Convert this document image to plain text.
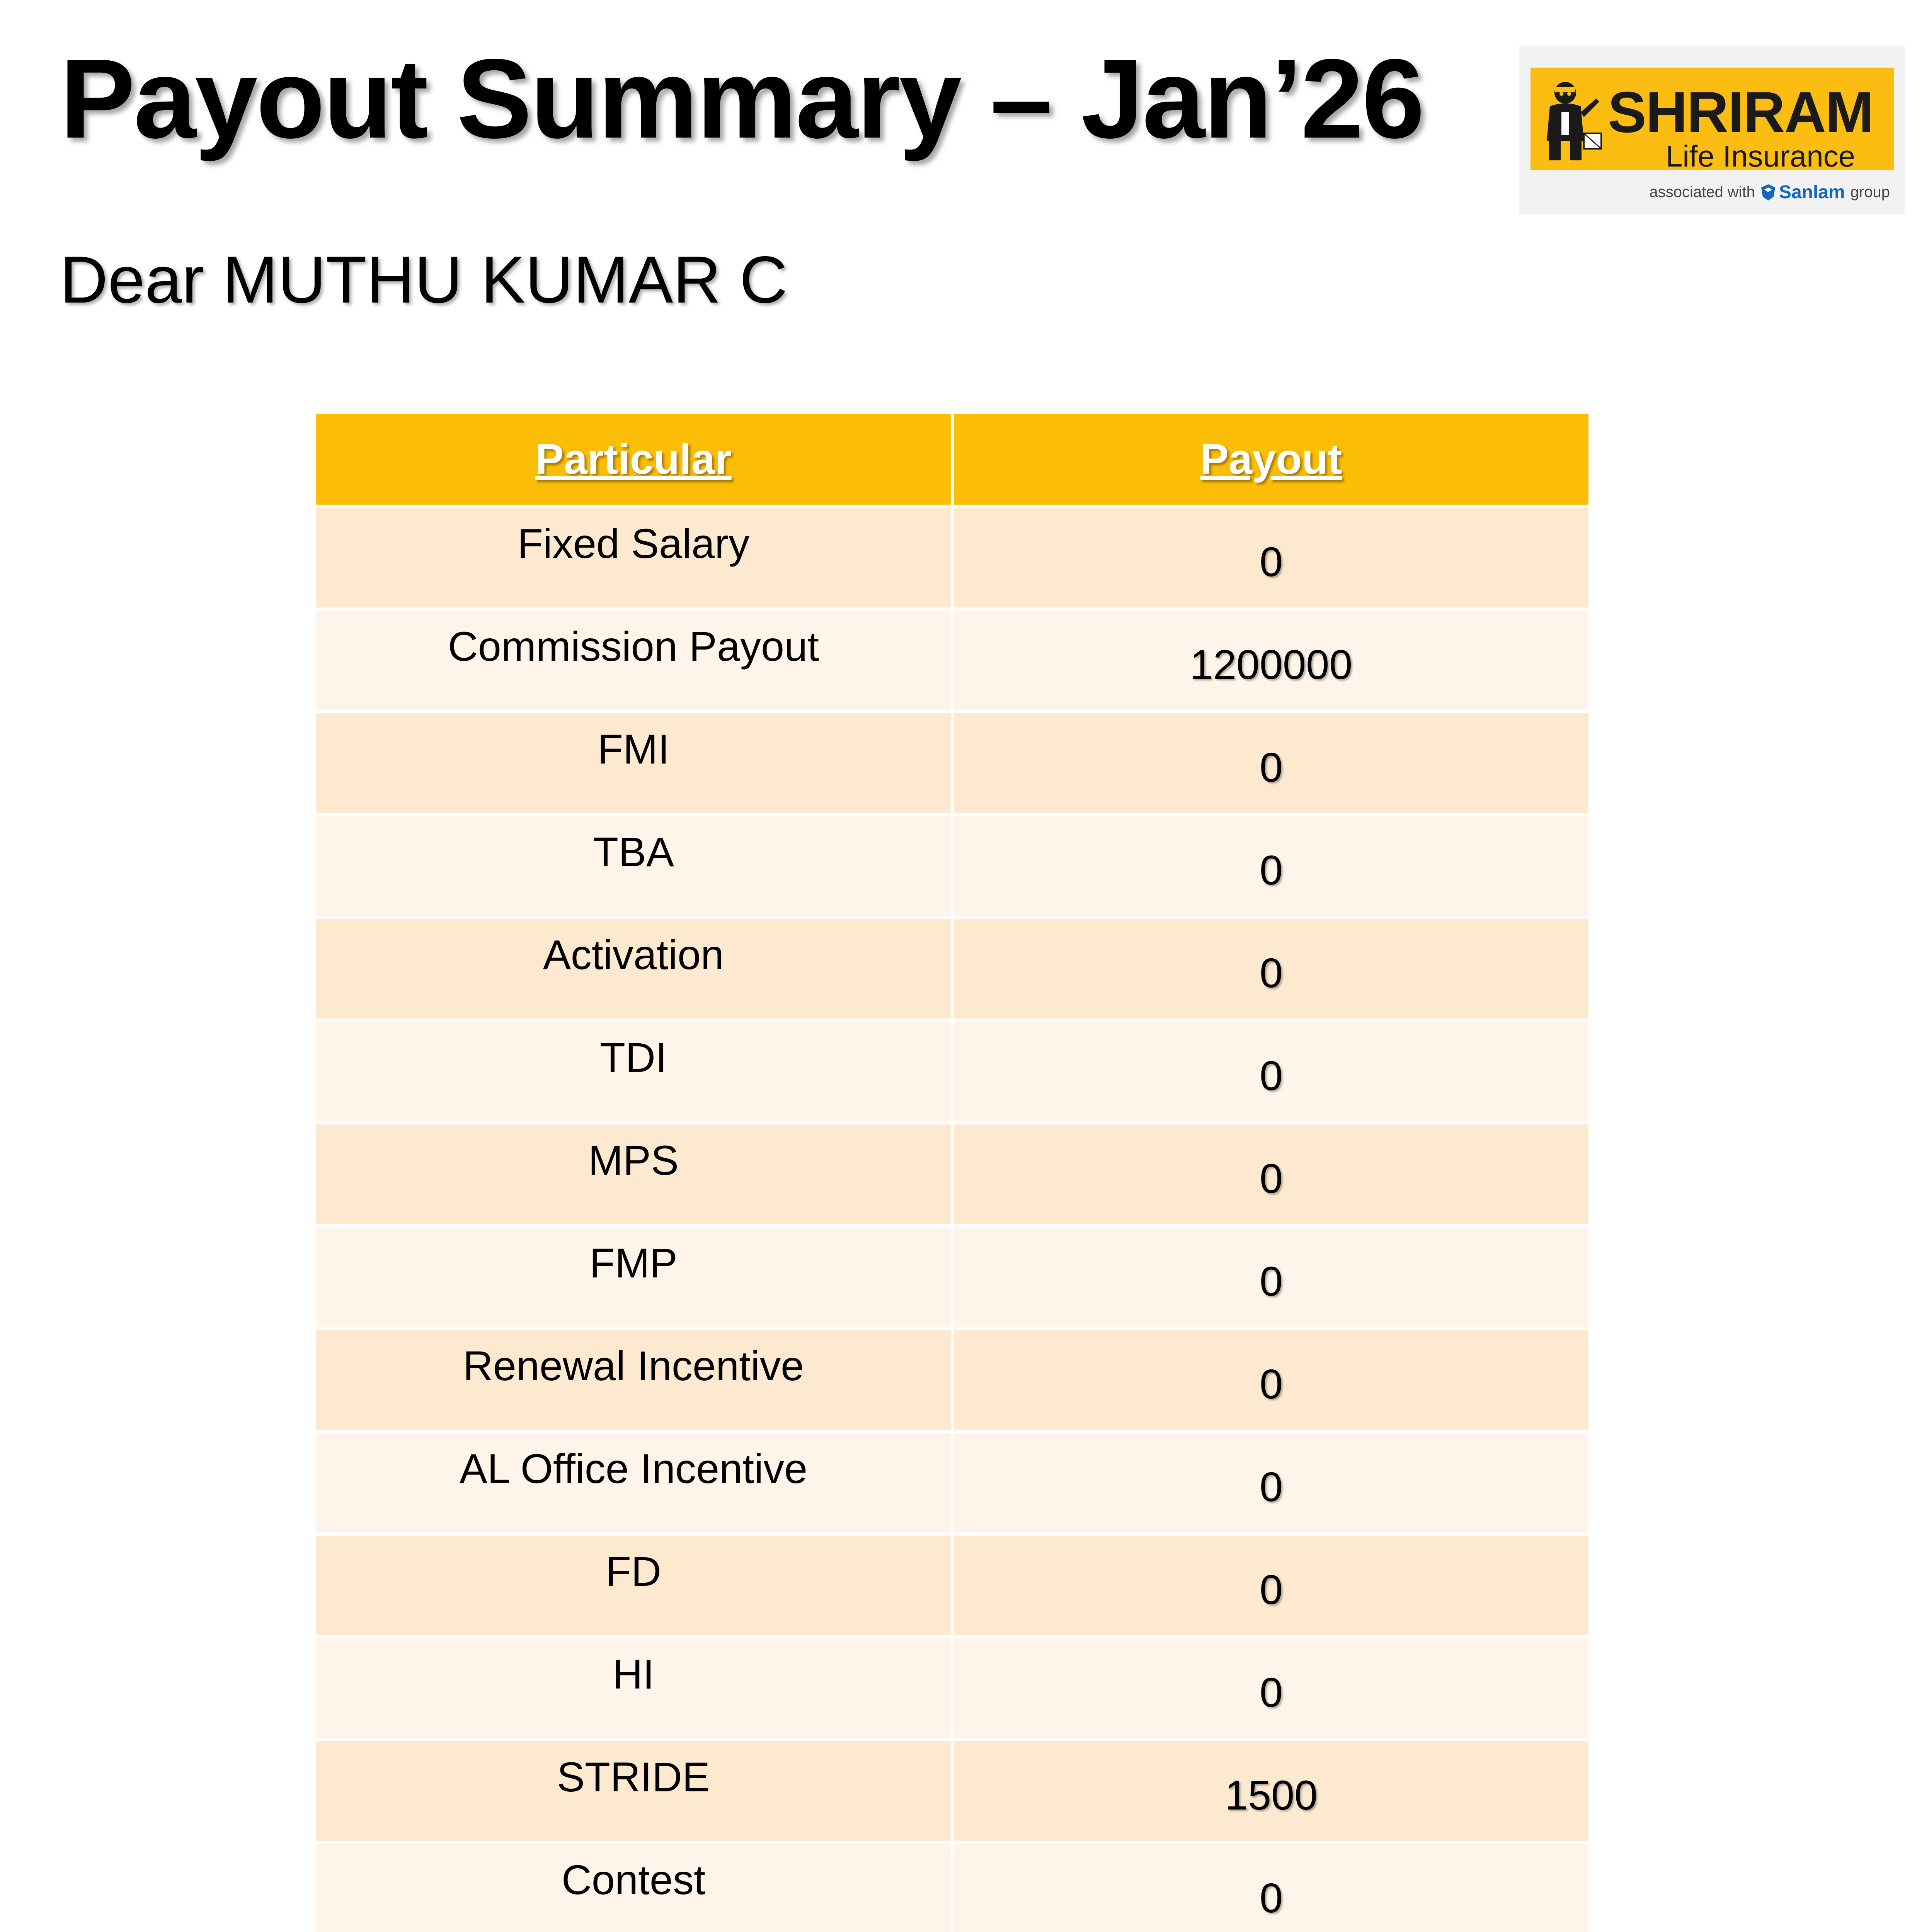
Payout Summary – Jan’26	SHRIRAM
Life Insurance
associated with Sanlam group

Dear MUTHU KUMAR C

Particular	Payout
Fixed Salary	0
Commission Payout	1200000
FMI	0
TBA	0
Activation	0
TDI	0
MPS	0
FMP	0
Renewal Incentive	0
AL Office Incentive	0
FD	0
HI	0
STRIDE	1500
Contest	0
